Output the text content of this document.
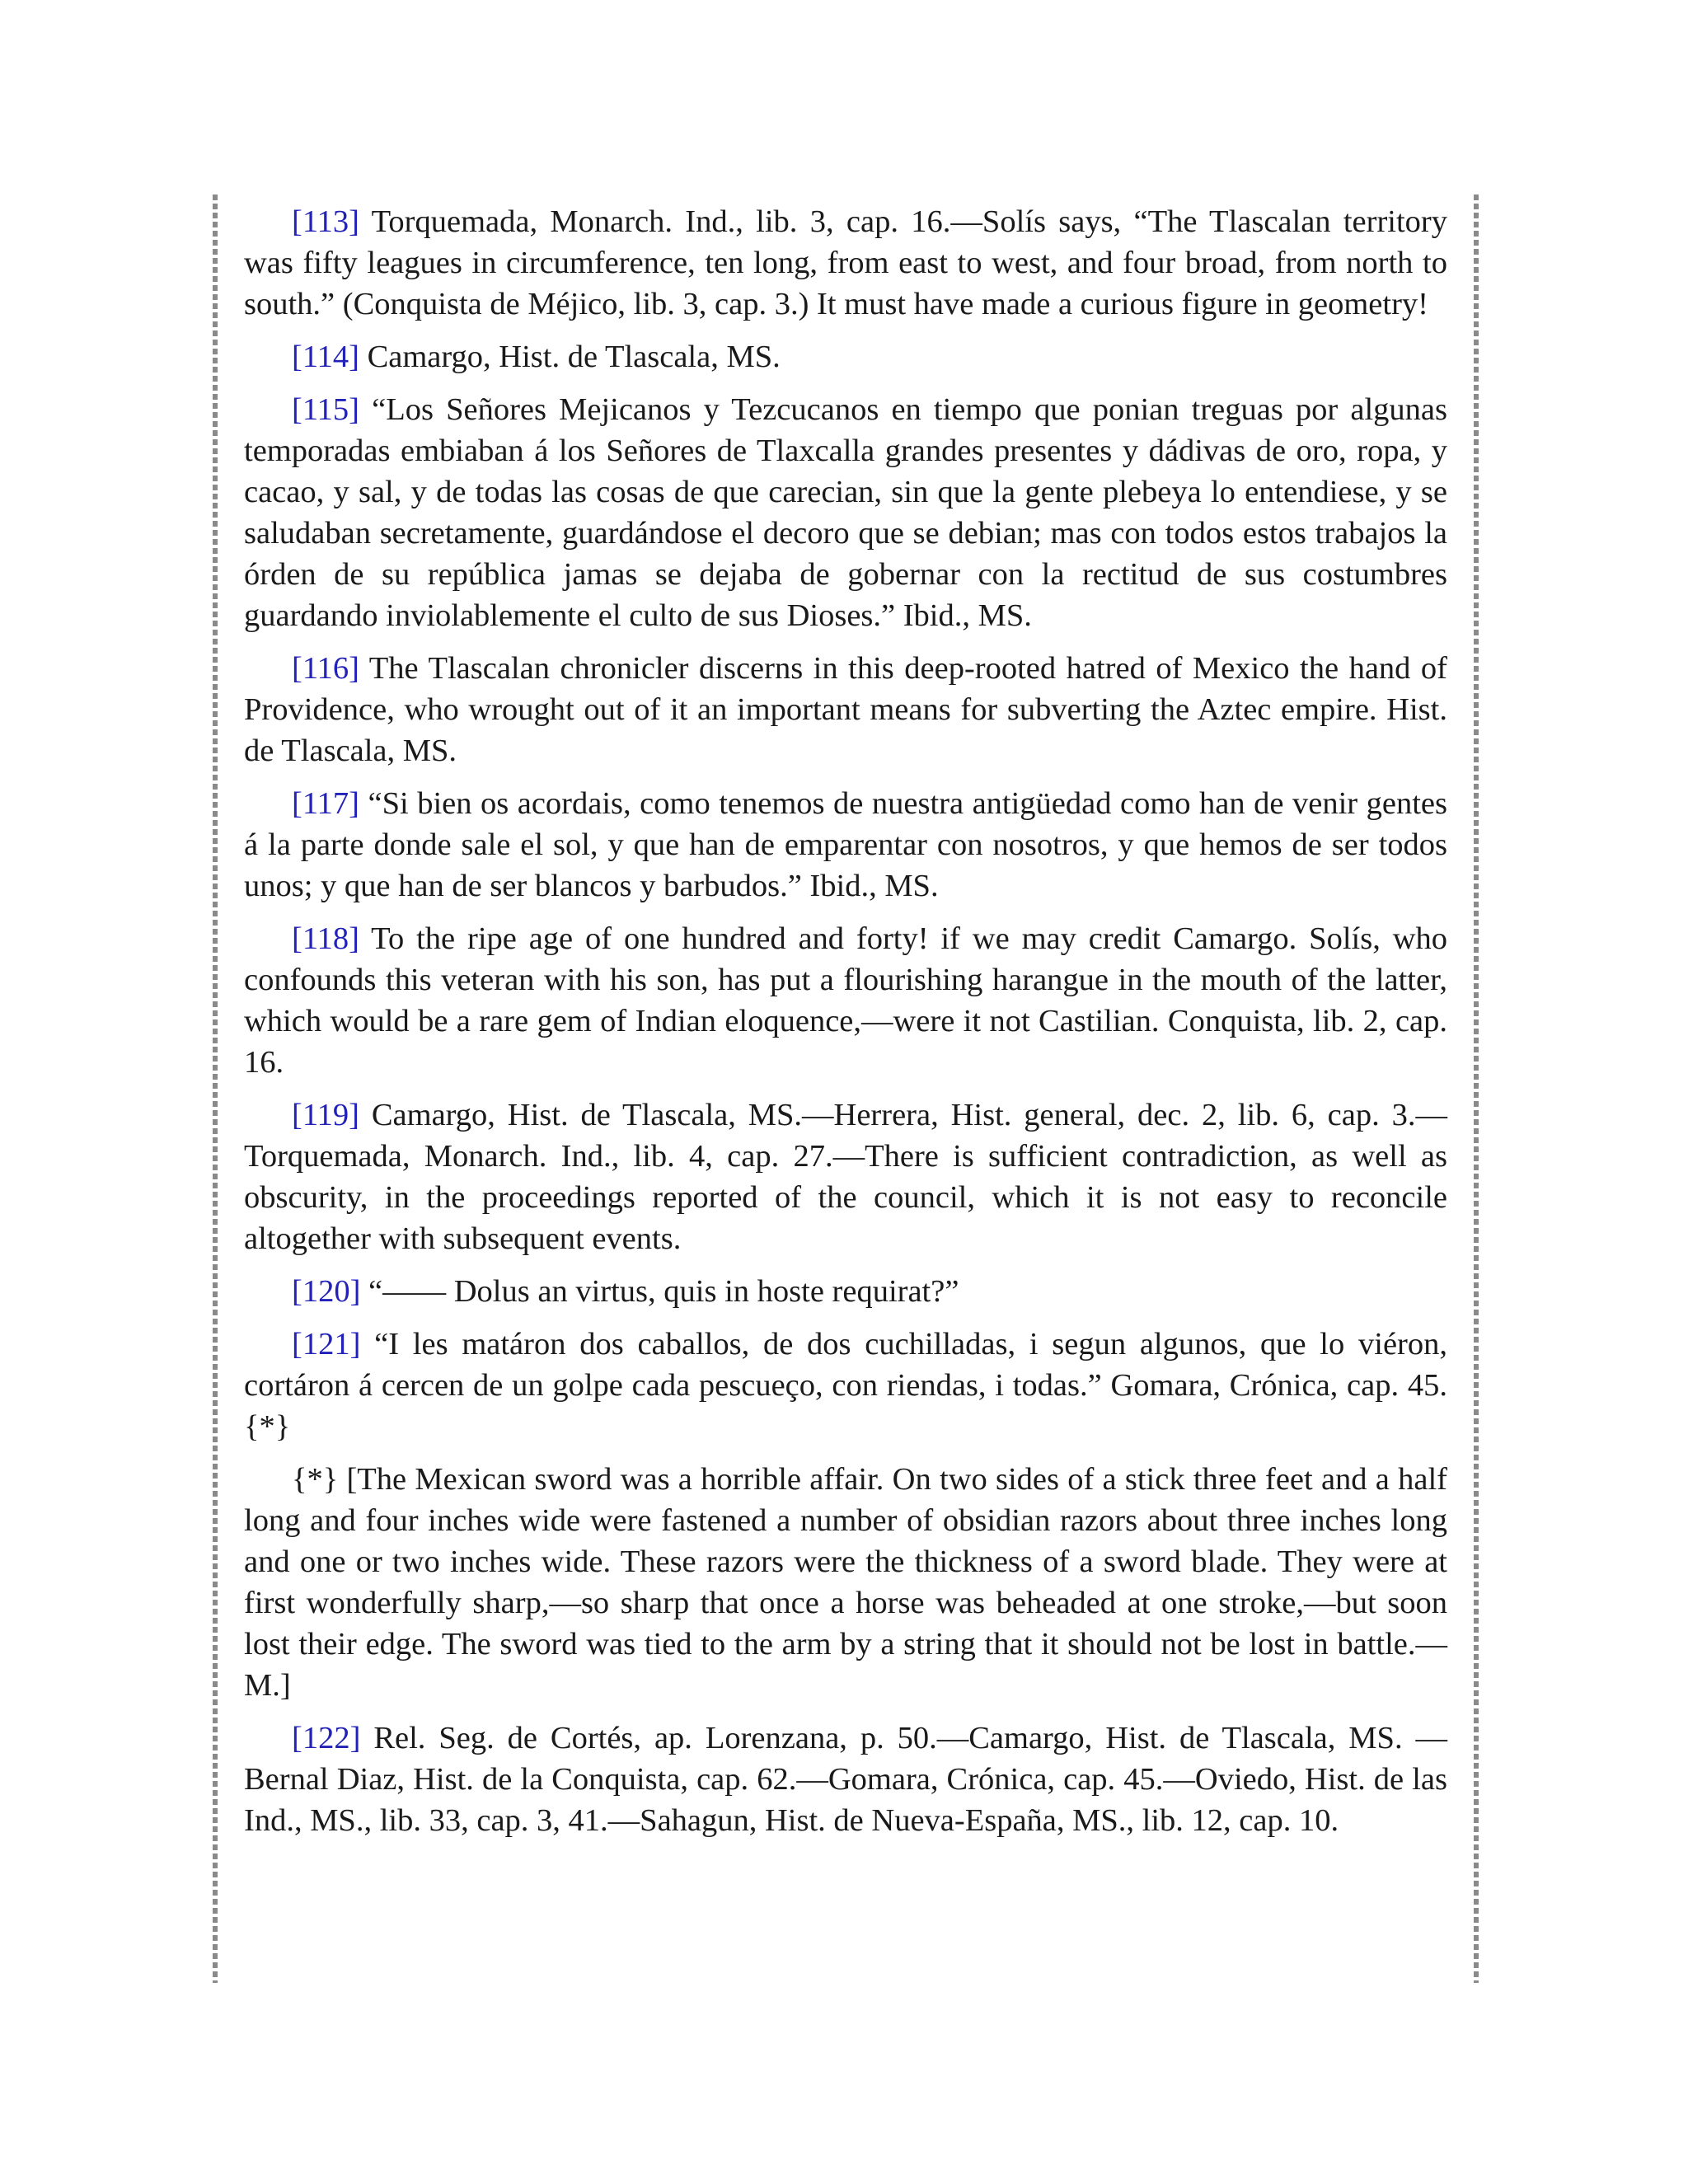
[113] Torquemada, Monarch. Ind., lib. 3, cap. 16.—Solís says, “The Tlascalan territory was fifty leagues in circumference, ten long, from east to west, and four broad, from north to south.” (Conquista de Méjico, lib. 3, cap. 3.) It must have made a curious figure in geometry!

[114] Camargo, Hist. de Tlascala, MS.

[115] “Los Señores Mejicanos y Tezcucanos en tiempo que ponian treguas por algunas temporadas embiaban á los Señores de Tlaxcalla grandes presentes y dádivas de oro, ropa, y cacao, y sal, y de todas las cosas de que carecian, sin que la gente plebeya lo entendiese, y se saludaban secretamente, guardándose el decoro que se debian; mas con todos estos trabajos la órden de su república jamas se dejaba de gobernar con la rectitud de sus costumbres guardando inviolablemente el culto de sus Dioses.” Ibid., MS.

[116] The Tlascalan chronicler discerns in this deep-rooted hatred of Mexico the hand of Providence, who wrought out of it an important means for subverting the Aztec empire. Hist. de Tlascala, MS.

[117] “Si bien os acordais, como tenemos de nuestra antigüedad como han de venir gentes á la parte donde sale el sol, y que han de emparentar con nosotros, y que hemos de ser todos unos; y que han de ser blancos y barbudos.” Ibid., MS.

[118] To the ripe age of one hundred and forty! if we may credit Camargo. Solís, who confounds this veteran with his son, has put a flourishing harangue in the mouth of the latter, which would be a rare gem of Indian eloquence,—were it not Castilian. Conquista, lib. 2, cap. 16.

[119] Camargo, Hist. de Tlascala, MS.—Herrera, Hist. general, dec. 2, lib. 6, cap. 3.—Torquemada, Monarch. Ind., lib. 4, cap. 27.—There is sufficient contradiction, as well as obscurity, in the proceedings reported of the council, which it is not easy to reconcile altogether with subsequent events.

[120] “—— Dolus an virtus, quis in hoste requirat?”

[121] “I les matáron dos caballos, de dos cuchilladas, i segun algunos, que lo viéron, cortáron á cercen de un golpe cada pescueço, con riendas, i todas.” Gomara, Crónica, cap. 45.{*}

{*} [The Mexican sword was a horrible affair. On two sides of a stick three feet and a half long and four inches wide were fastened a number of obsidian razors about three inches long and one or two inches wide. These razors were the thickness of a sword blade. They were at first wonderfully sharp,—so sharp that once a horse was beheaded at one stroke,—but soon lost their edge. The sword was tied to the arm by a string that it should not be lost in battle.—M.]

[122] Rel. Seg. de Cortés, ap. Lorenzana, p. 50.—Camargo, Hist. de Tlascala, MS. —Bernal Diaz, Hist. de la Conquista, cap. 62.—Gomara, Crónica, cap. 45.—Oviedo, Hist. de las Ind., MS., lib. 33, cap. 3, 41.—Sahagun, Hist. de Nueva-España, MS., lib. 12, cap. 10.
